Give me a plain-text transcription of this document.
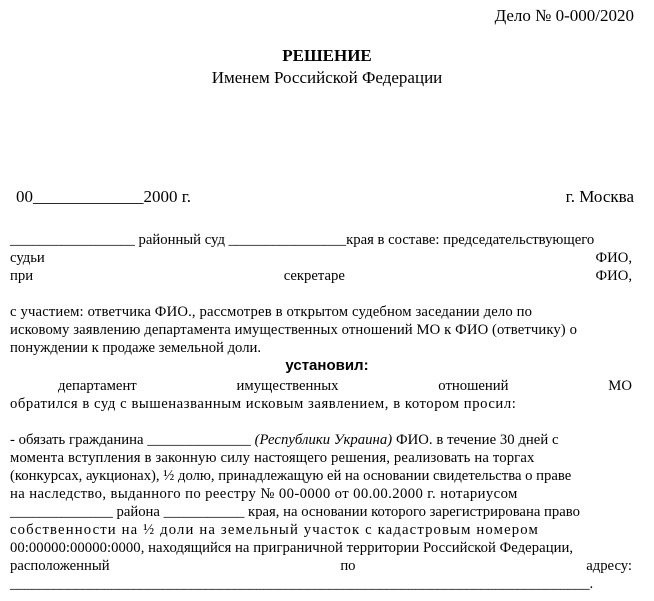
Дело № 0-000/2020
РЕШЕНИЕ
Именем Российской Федерации
00_____________2000 г.	г. Москва
_________________ районный суд ________________края в составе: председательствующего
судьи	ФИО,
при	секретаре	ФИО,
с участием: ответчика ФИО., рассмотрев в открытом судебном заседании дело по
исковому заявлению департамента имущественных отношений МО к ФИО (ответчику) о
понуждении к продаже земельной доли.
установил:
департамент	имущественных	отношений	МО
обратился в суд с вышеназванным исковым заявлением, в котором просил:
- обязать гражданина ______________ (Республики Украина) ФИО. в течение 30 дней с
момента вступления в законную силу настоящего решения, реализовать на торгах
(конкурсах, аукционах), ½ долю, принадлежащую ей на основании свидетельства о праве
на наследство, выданного по реестру № 00-0000 от 00.00.2000 г. нотариусом
______________ района ___________ края, на основании которого зарегистрирована право
собственности на ½ доли на земельный участок с кадастровым номером
00:00000:00000:0000, находящийся на приграничной территории Российской Федерации,
расположенный	по	адресу:
________________________________________________________________________________.
